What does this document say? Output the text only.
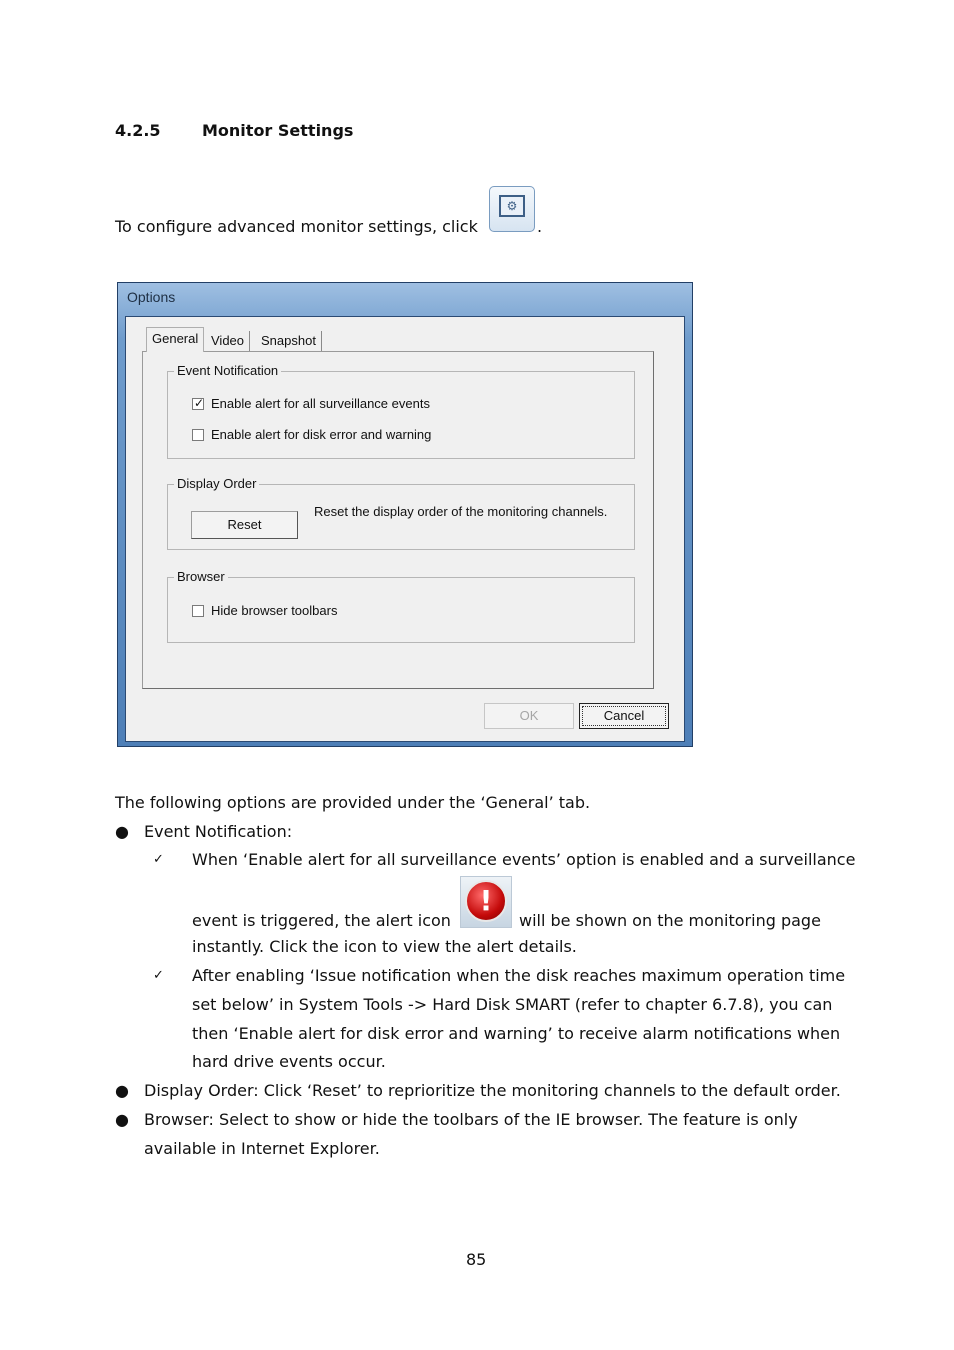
4.2.5	Monitor Settings
To configure advanced monitor settings, click
⚙
.
Options
General Video	Snapshot
Event Notification
✓ Enable alert for all surveillance events
Enable alert for disk error and warning
Display Order
Reset
Reset the display order of the monitoring channels.
Browser
Hide browser toolbars
OK	Cancel
The following options are provided under the ‘General’ tab.
● Event Notification:
✓ When ‘Enable alert for all surveillance events’ option is enabled and a surveillance
event is triggered, the alert icon
!
will be shown on the monitoring page
instantly. Click the icon to view the alert details.
✓ After enabling ‘Issue notification when the disk reaches maximum operation time
set below’ in System Tools -> Hard Disk SMART (refer to chapter 6.7.8), you can
then ‘Enable alert for disk error and warning’ to receive alarm notifications when
hard drive events occur.
● Display Order: Click ‘Reset’ to reprioritize the monitoring channels to the default order.
● Browser: Select to show or hide the toolbars of the IE browser. The feature is only
available in Internet Explorer.
85
